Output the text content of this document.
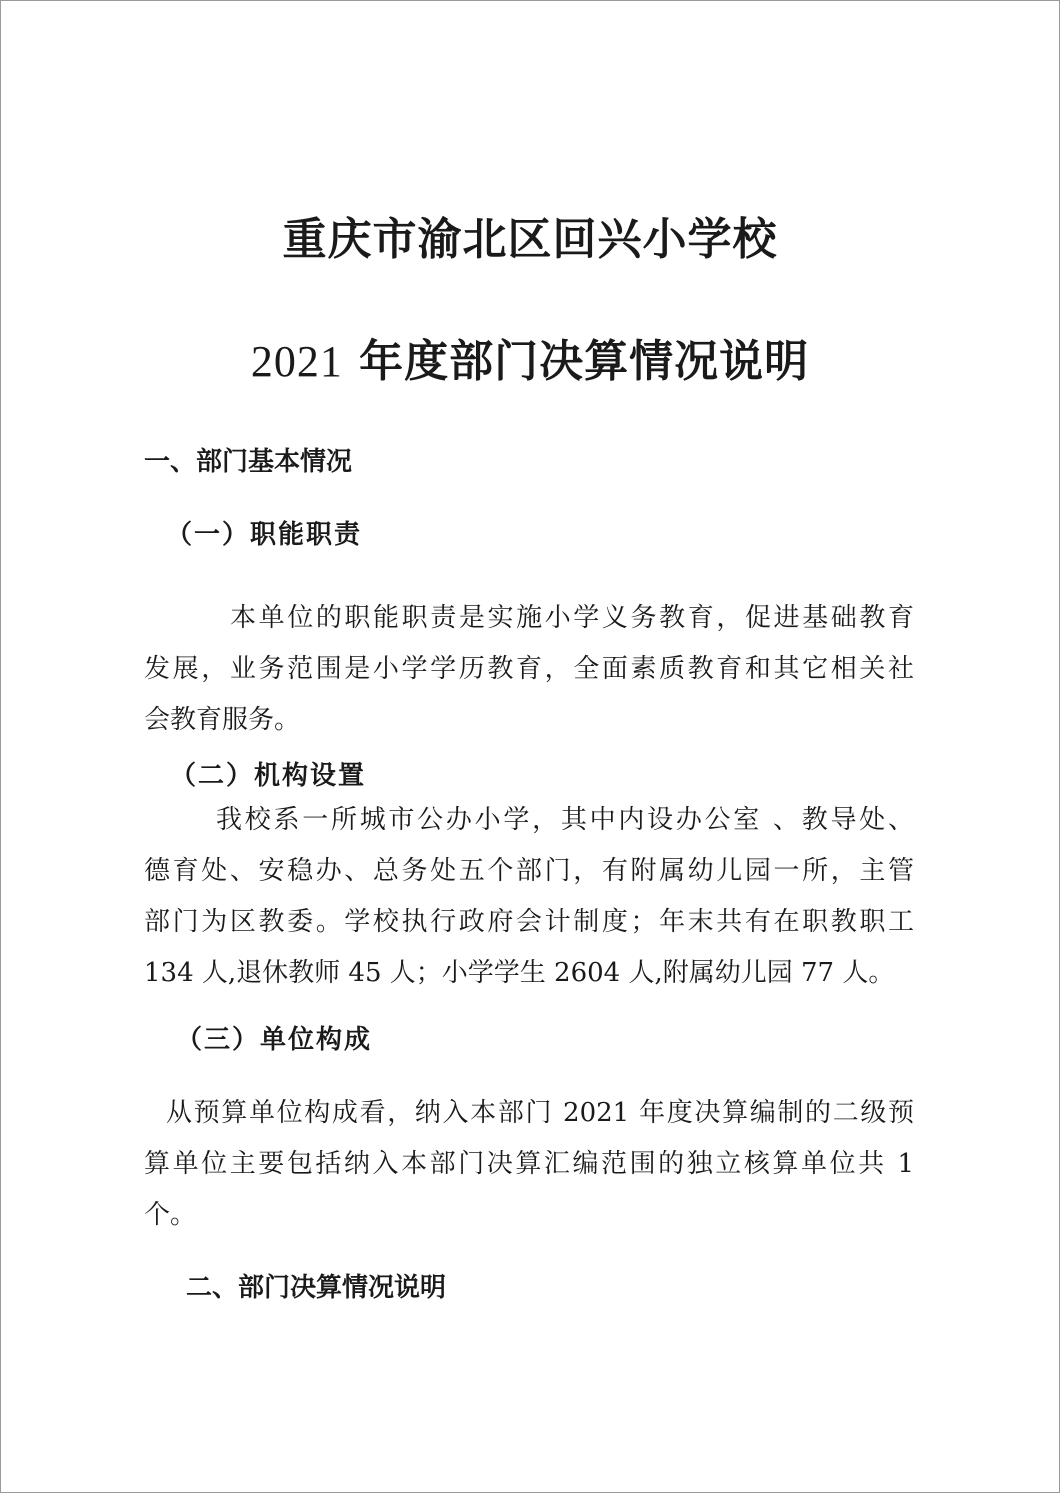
重庆市渝北区回兴小学校
2021 年度部门决算情况说明
一、部门基本情况
（一）职能职责
本单位的职能职责是实施小学义务教育，促进基础教育
发展，业务范围是小学学历教育，全面素质教育和其它相关社
会教育服务。
（二）机构设置
我校系一所城市公办小学，其中内设办公室 、教导处、
德育处、安稳办、总务处五个部门，有附属幼儿园一所，主管
部门为区教委。学校执行政府会计制度；年末共有在职教职工
134 人,退休教师 45 人；小学学生 2604 人,附属幼儿园 77 人。
（三）单位构成
从预算单位构成看，纳入本部门 2021 年度决算编制的二级预
算单位主要包括纳入本部门决算汇编范围的独立核算单位共 1
个。
二、部门决算情况说明
